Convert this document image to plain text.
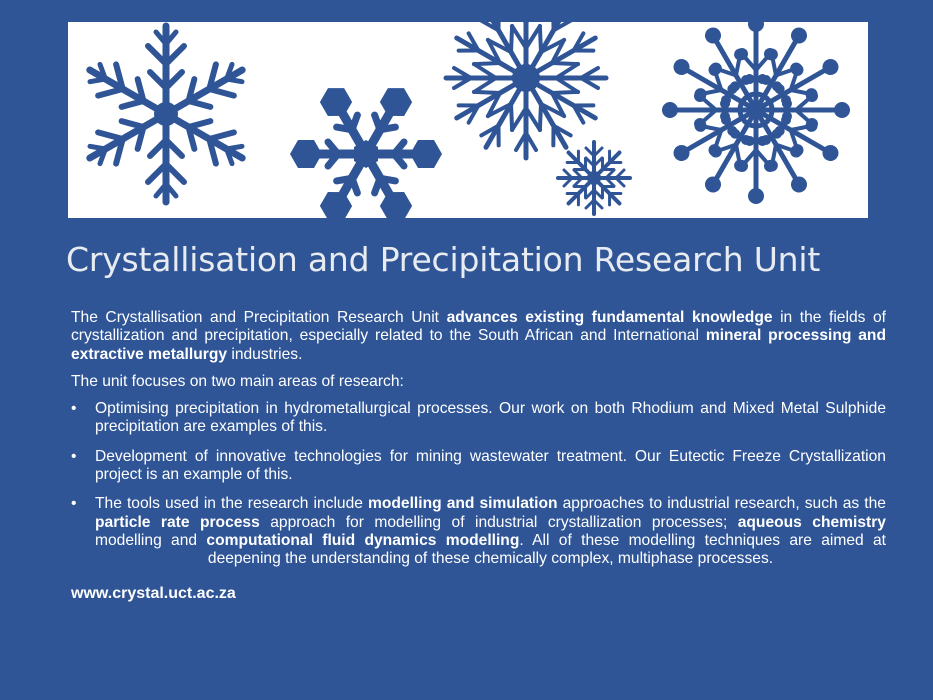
Crystallisation and Precipitation Research Unit

The Crystallisation and Precipitation Research Unit advances existing fundamental knowledge in the fields of crystallization and precipitation, especially related to the South African and International mineral processing and extractive metallurgy industries.

The unit focuses on two main areas of research:

• Optimising precipitation in hydrometallurgical processes. Our work on both Rhodium and Mixed Metal Sulphide precipitation are examples of this.
• Development of innovative technologies for mining wastewater treatment. Our Eutectic Freeze Crystallization project is an example of this.
• The tools used in the research include modelling and simulation approaches to industrial research, such as the particle rate process approach for modelling of industrial crystallization processes; aqueous chemistry modelling and computational fluid dynamics modelling. All of these modelling techniques are aimed at deepening the understanding of these chemically complex, multiphase processes.

www.crystal.uct.ac.za
